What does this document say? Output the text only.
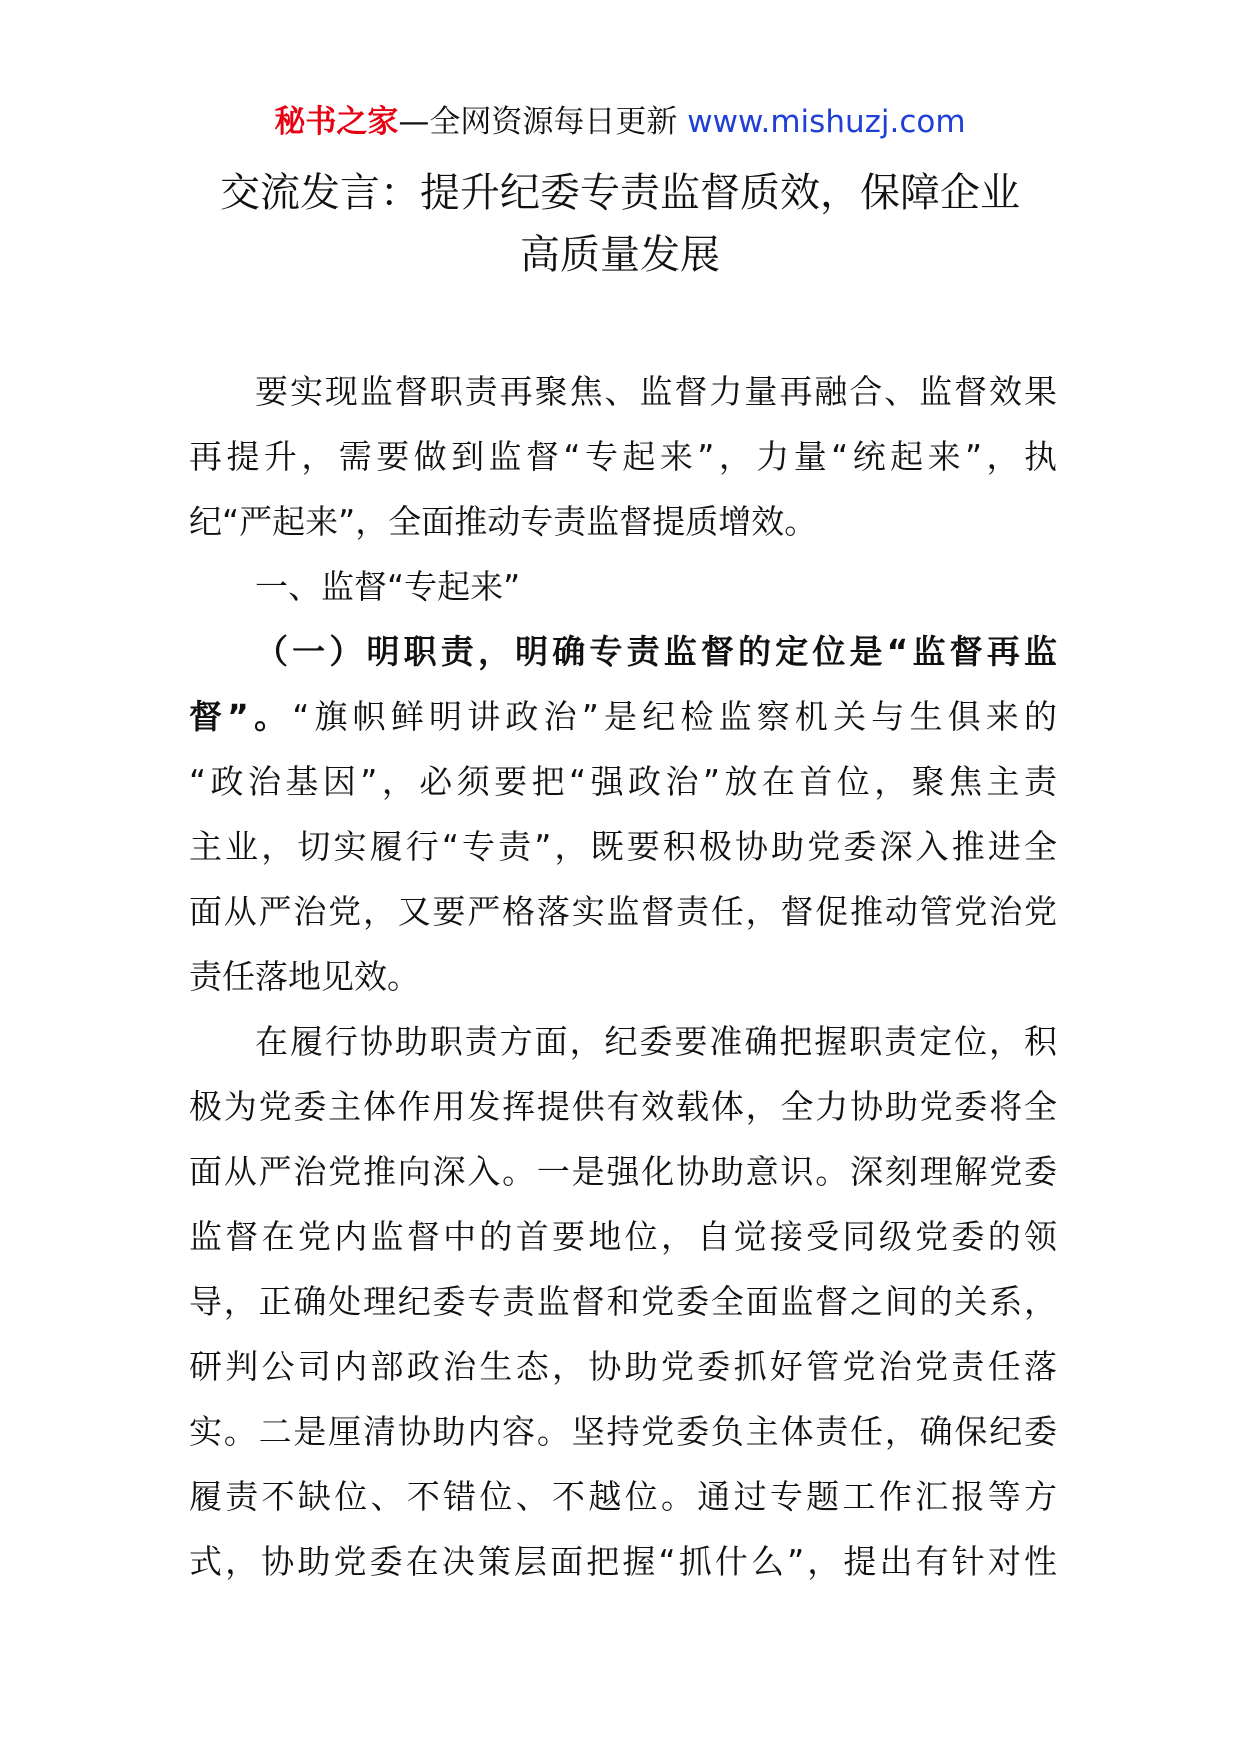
秘书之家—全网资源每日更新 www.mishuzj.com
交流发言：提升纪委专责监督质效，保障企业
高质量发展
要实现监督职责再聚焦、监督力量再融合、监督效果
再提升，需要做到监督“专起来”，力量“统起来”，执
纪“严起来”，全面推动专责监督提质增效。
一、监督“专起来”
（一）明职责，明确专责监督的定位是“监督再监
督”。“旗帜鲜明讲政治”是纪检监察机关与生俱来的
“政治基因”，必须要把“强政治”放在首位，聚焦主责
主业，切实履行“专责”，既要积极协助党委深入推进全
面从严治党，又要严格落实监督责任，督促推动管党治党
责任落地见效。
在履行协助职责方面，纪委要准确把握职责定位，积
极为党委主体作用发挥提供有效载体，全力协助党委将全
面从严治党推向深入。一是强化协助意识。深刻理解党委
监督在党内监督中的首要地位，自觉接受同级党委的领
导，正确处理纪委专责监督和党委全面监督之间的关系，
研判公司内部政治生态，协助党委抓好管党治党责任落
实。二是厘清协助内容。坚持党委负主体责任，确保纪委
履责不缺位、不错位、不越位。通过专题工作汇报等方
式，协助党委在决策层面把握“抓什么”，提出有针对性
